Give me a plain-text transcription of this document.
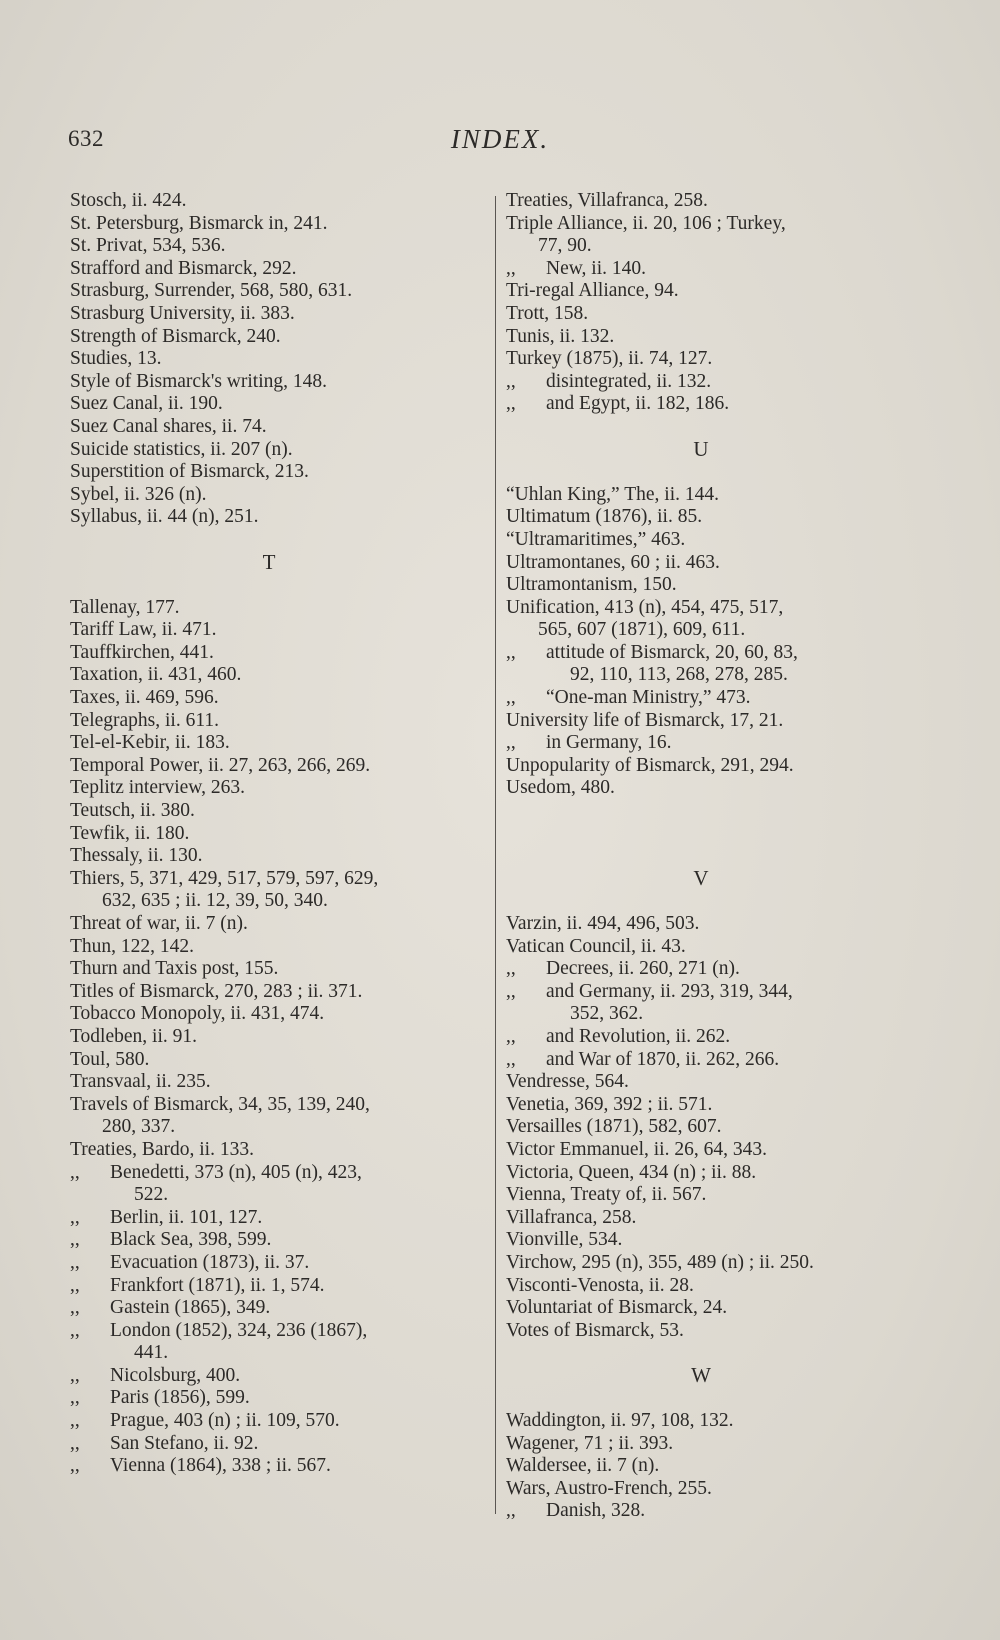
632	INDEX.
Stosch, ii. 424.
St. Petersburg, Bismarck in, 241.
St. Privat, 534, 536.
Strafford and Bismarck, 292.
Strasburg, Surrender, 568, 580, 631.
Strasburg University, ii. 383.
Strength of Bismarck, 240.
Studies, 13.
Style of Bismarck's writing, 148.
Suez Canal, ii. 190.
Suez Canal shares, ii. 74.
Suicide statistics, ii. 207 (n).
Superstition of Bismarck, 213.
Sybel, ii. 326 (n).
Syllabus, ii. 44 (n), 251.
T
Tallenay, 177.
Tariff Law, ii. 471.
Tauffkirchen, 441.
Taxation, ii. 431, 460.
Taxes, ii. 469, 596.
Telegraphs, ii. 611.
Tel-el-Kebir, ii. 183.
Temporal Power, ii. 27, 263, 266, 269.
Teplitz interview, 263.
Teutsch, ii. 380.
Tewfik, ii. 180.
Thessaly, ii. 130.
Thiers, 5, 371, 429, 517, 579, 597, 629,
632, 635 ; ii. 12, 39, 50, 340.
Threat of war, ii. 7 (n).
Thun, 122, 142.
Thurn and Taxis post, 155.
Titles of Bismarck, 270, 283 ; ii. 371.
Tobacco Monopoly, ii. 431, 474.
Todleben, ii. 91.
Toul, 580.
Transvaal, ii. 235.
Travels of Bismarck, 34, 35, 139, 240,
280, 337.
Treaties, Bardo, ii. 133.
,, Benedetti, 373 (n), 405 (n), 423,
522.
,, Berlin, ii. 101, 127.
,, Black Sea, 398, 599.
,, Evacuation (1873), ii. 37.
,, Frankfort (1871), ii. 1, 574.
,, Gastein (1865), 349.
,, London (1852), 324, 236 (1867),
441.
,, Nicolsburg, 400.
,, Paris (1856), 599.
,, Prague, 403 (n) ; ii. 109, 570.
,, San Stefano, ii. 92.
,, Vienna (1864), 338 ; ii. 567.
Treaties, Villafranca, 258.
Triple Alliance, ii. 20, 106 ; Turkey,
77, 90.
,, New, ii. 140.
Tri-regal Alliance, 94.
Trott, 158.
Tunis, ii. 132.
Turkey (1875), ii. 74, 127.
,, disintegrated, ii. 132.
,, and Egypt, ii. 182, 186.
U
“Uhlan King,” The, ii. 144.
Ultimatum (1876), ii. 85.
“Ultramaritimes,” 463.
Ultramontanes, 60 ; ii. 463.
Ultramontanism, 150.
Unification, 413 (n), 454, 475, 517,
565, 607 (1871), 609, 611.
,, attitude of Bismarck, 20, 60, 83,
92, 110, 113, 268, 278, 285.
,, “One-man Ministry,” 473.
University life of Bismarck, 17, 21.
,, in Germany, 16.
Unpopularity of Bismarck, 291, 294.
Usedom, 480.
V
Varzin, ii. 494, 496, 503.
Vatican Council, ii. 43.
,, Decrees, ii. 260, 271 (n).
,, and Germany, ii. 293, 319, 344,
352, 362.
,, and Revolution, ii. 262.
,, and War of 1870, ii. 262, 266.
Vendresse, 564.
Venetia, 369, 392 ; ii. 571.
Versailles (1871), 582, 607.
Victor Emmanuel, ii. 26, 64, 343.
Victoria, Queen, 434 (n) ; ii. 88.
Vienna, Treaty of, ii. 567.
Villafranca, 258.
Vionville, 534.
Virchow, 295 (n), 355, 489 (n) ; ii. 250.
Visconti-Venosta, ii. 28.
Voluntariat of Bismarck, 24.
Votes of Bismarck, 53.
W
Waddington, ii. 97, 108, 132.
Wagener, 71 ; ii. 393.
Waldersee, ii. 7 (n).
Wars, Austro-French, 255.
,, Danish, 328.
